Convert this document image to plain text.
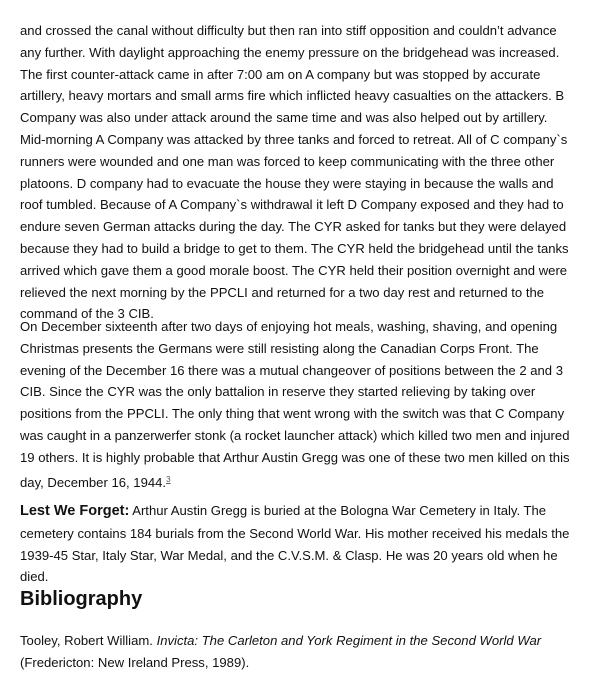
and crossed the canal without difficulty but then ran into stiff opposition and couldn’t advance
any further. With daylight approaching the enemy pressure on the bridgehead was increased.
The first counter-attack came in after 7:00 am on A company but was stopped by accurate
artillery, heavy mortars and small arms fire which inflicted heavy casualties on the attackers. B
Company was also under attack around the same time and was also helped out by artillery.
Mid-morning A Company was attacked by three tanks and forced to retreat. All of C company`s
runners were wounded and one man was forced to keep communicating with the three other
platoons. D company had to evacuate the house they were staying in because the walls and
roof tumbled. Because of A Company`s withdrawal it left D Company exposed and they had to
endure seven German attacks during the day. The CYR asked for tanks but they were delayed
because they had to build a bridge to get to them. The CYR held the bridgehead until the tanks
arrived which gave them a good morale boost. The CYR held their position overnight and were
relieved the next morning by the PPCLI and returned for a two day rest and returned to the
command of the 3 CIB.
On December sixteenth after two days of enjoying hot meals, washing, shaving, and opening
Christmas presents the Germans were still resisting along the Canadian Corps Front. The
evening of the December 16 there was a mutual changeover of positions between the 2 and 3
CIB. Since the CYR was the only battalion in reserve they started relieving by taking over
positions from the PPCLI. The only thing that went wrong with the switch was that C Company
was caught in a panzerwerfer stonk (a rocket launcher attack) which killed two men and injured
19 others. It is highly probable that Arthur Austin Gregg was one of these two men killed on this
day, December 16, 1944.$^3$
Lest We Forget: Arthur Austin Gregg is buried at the Bologna War Cemetery in Italy. The
cemetery contains 184 burials from the Second World War. His mother received his medals the
1939-45 Star, Italy Star, War Medal, and the C.V.S.M. & Clasp. He was 20 years old when he
died.
Bibliography
Tooley, Robert William. Invicta: The Carleton and York Regiment in the Second World War
(Fredericton: New Ireland Press, 1989).
